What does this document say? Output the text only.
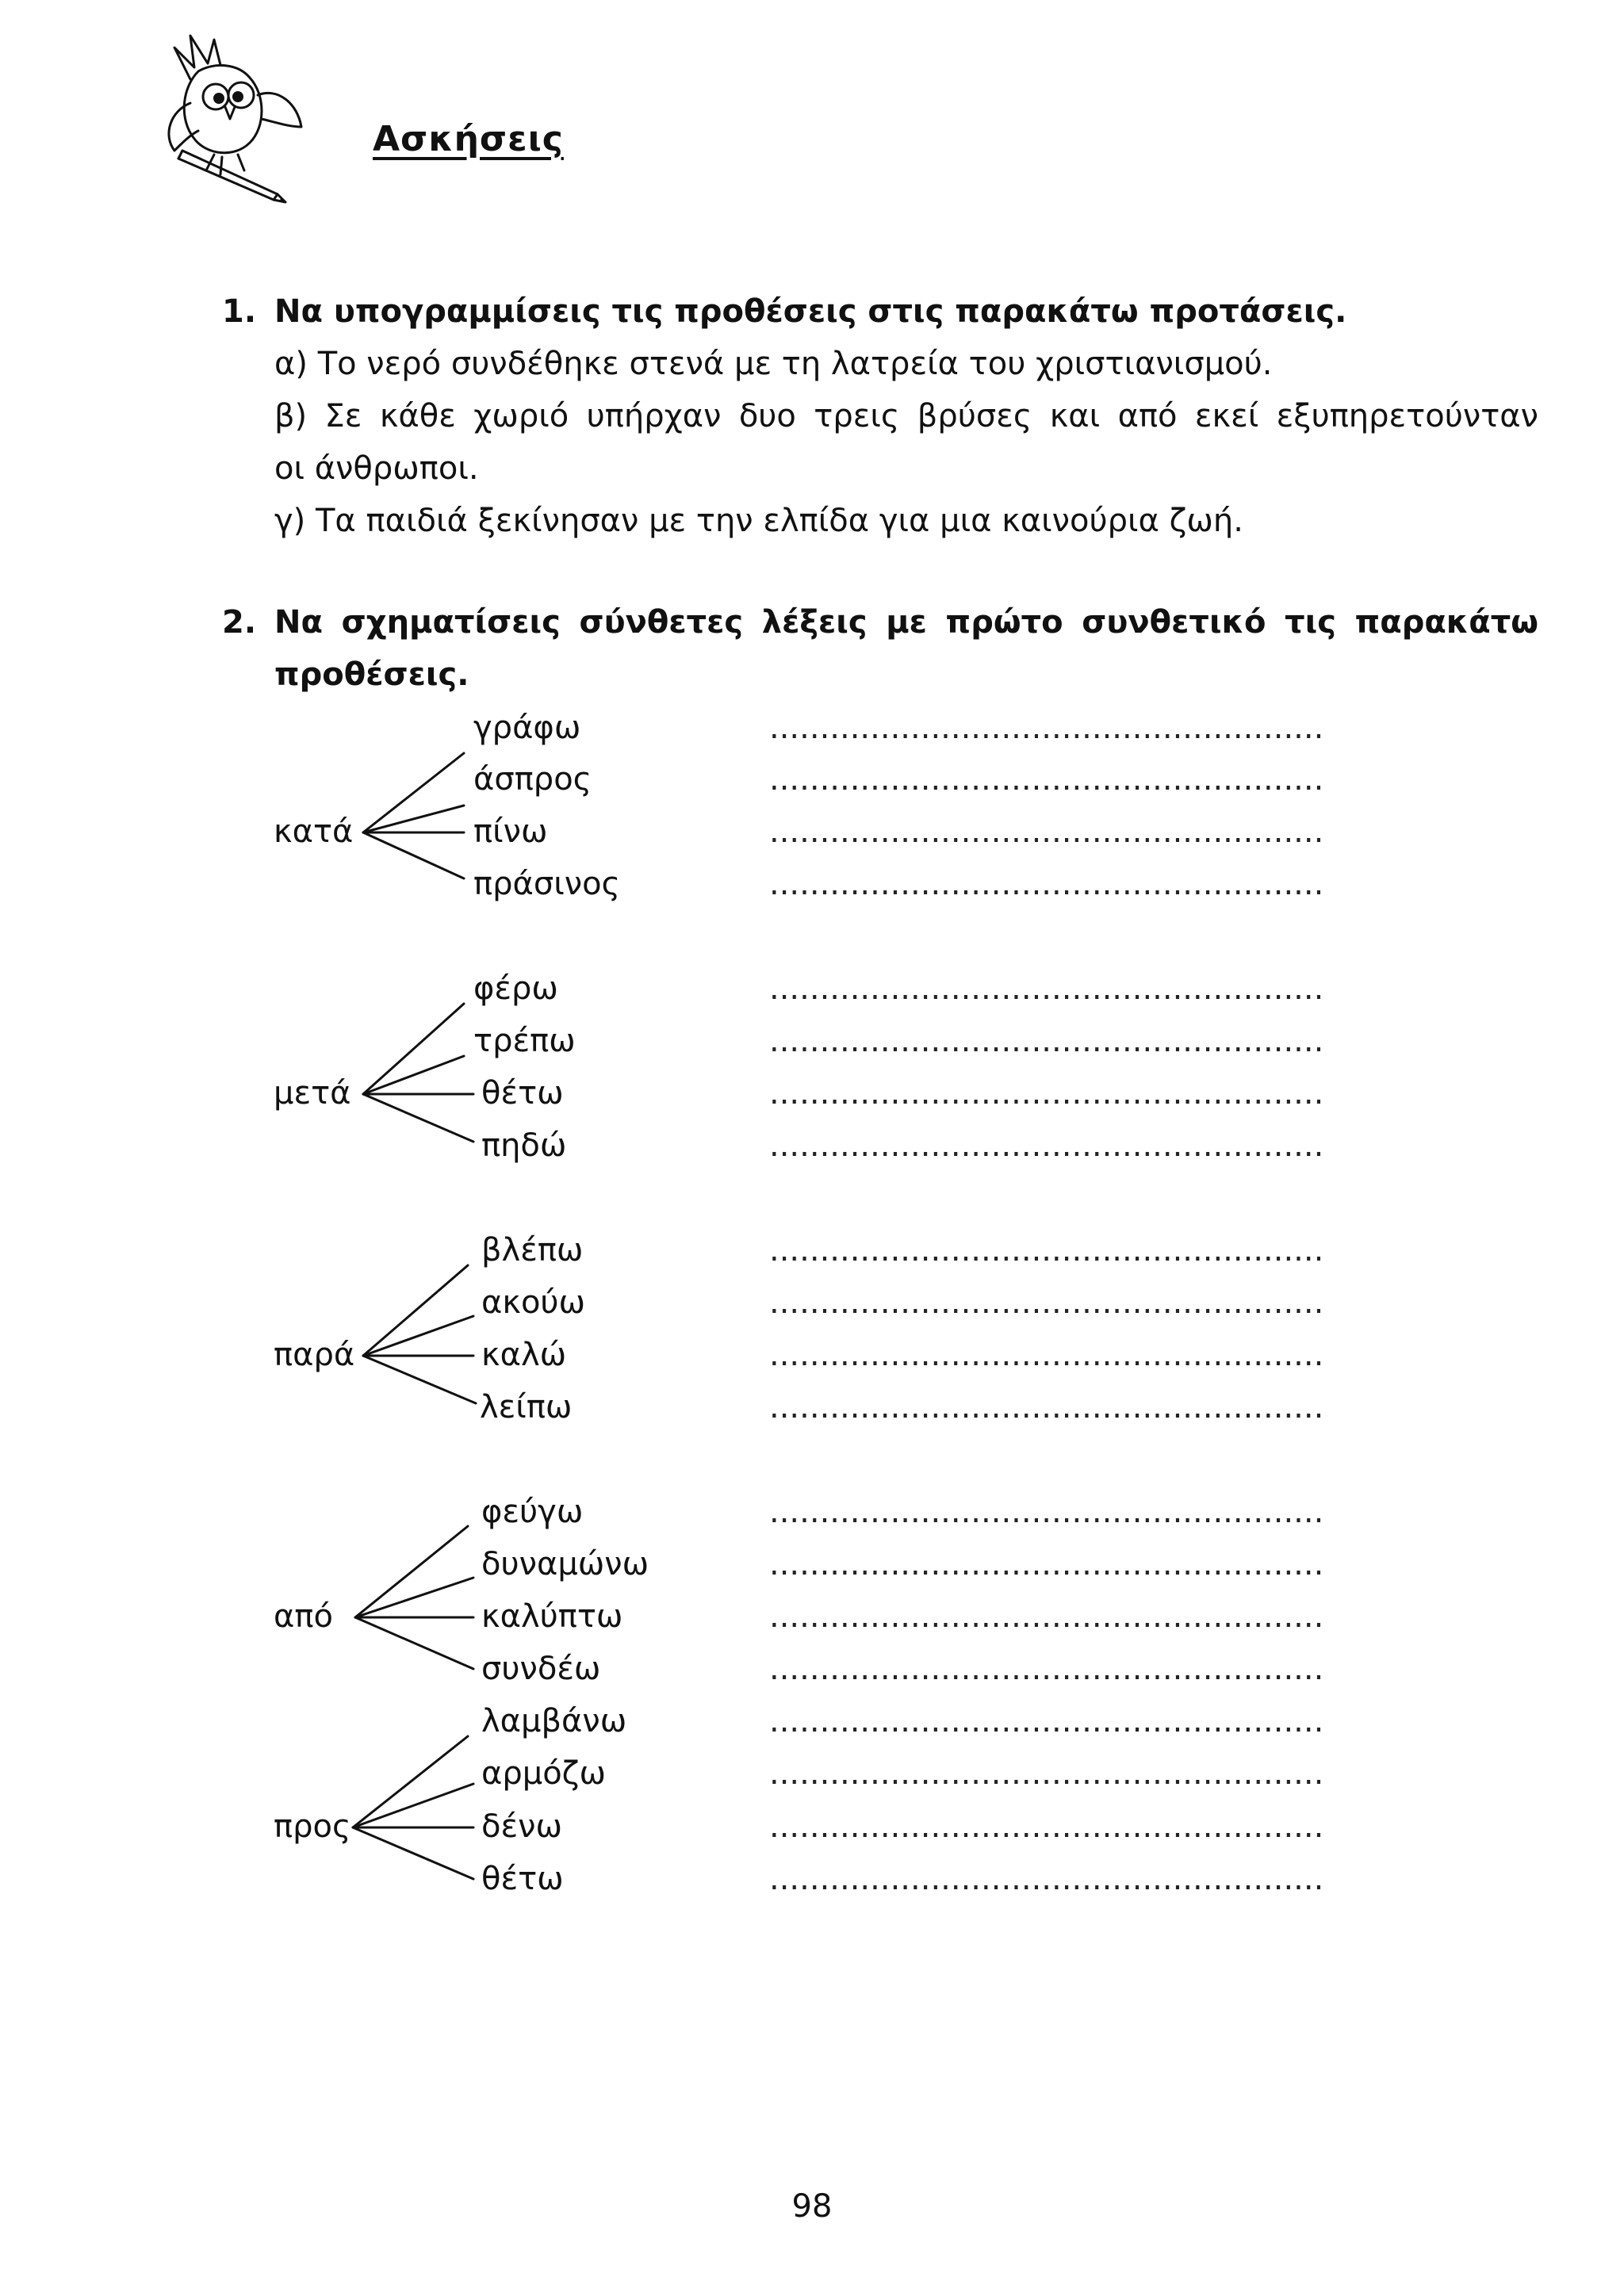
Ασκήσεις
1. Να υπογραμμίσεις τις προθέσεις στις παρακάτω προτάσεις.
α) Το νερό συνδέθηκε στενά με τη λατρεία του χριστιανισμού.
β) Σε κάθε χωριό υπήρχαν δυο τρεις βρύσες και από εκεί εξυπηρετούνταν
οι άνθρωποι.
γ) Τα παιδιά ξεκίνησαν με την ελπίδα για μια καινούρια ζωή.
2. Να σχηματίσεις σύνθετες λέξεις με πρώτο συνθετικό τις παρακάτω
προθέσεις.
κατά
γράφω
άσπρος
πίνω
πράσινος
.......................................................
.......................................................
.......................................................
.......................................................
μετά
φέρω
τρέπω
θέτω
πηδώ
.......................................................
.......................................................
.......................................................
.......................................................
παρά
βλέπω
ακούω
καλώ
λείπω
.......................................................
.......................................................
.......................................................
.......................................................
από
φεύγω
δυναμώνω
καλύπτω
συνδέω
.......................................................
.......................................................
.......................................................
.......................................................
προς
λαμβάνω
αρμόζω
δένω
θέτω
.......................................................
.......................................................
.......................................................
.......................................................
98
